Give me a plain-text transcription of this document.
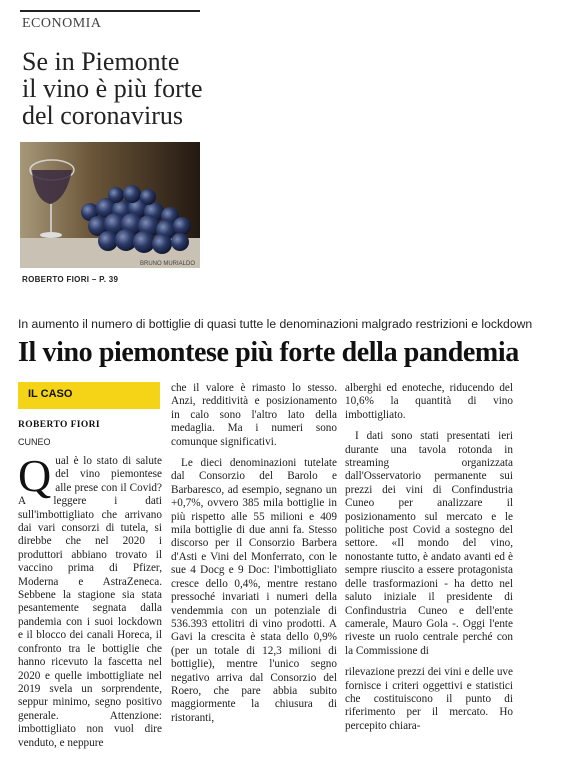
ECONOMIA
Se in Piemonte
il vino è più forte
del coronavirus
BRUNO MURIALDO
ROBERTO FIORI – P. 39
In aumento il numero di bottiglie di quasi tutte le denominazioni malgrado restrizioni e lockdown
Il vino piemontese più forte della pandemia
IL CASO
ROBERTO FIORI
CUNEO

Qual è lo stato di salute del vino piemontese alle prese con il Covid? A leggere i dati sull'imbottigliato che arrivano dai vari consorzi di tutela, si direbbe che nel 2020 i produttori abbiano trovato il vaccino prima di Pfizer, Moderna e AstraZeneca. Sebbene la stagione sia stata pesantemente segnata dalla pandemia con i suoi lockdown e il blocco dei canali Horeca, il confronto tra le bottiglie che hanno ricevuto la fascetta nel 2020 e quelle imbottigliate nel 2019 svela un sorprendente, seppur minimo, segno positivo generale. Attenzione: imbottigliato non vuol dire venduto, e neppure

che il valore è rimasto lo stesso. Anzi, redditività e posizionamento in calo sono l'altro lato della medaglia. Ma i numeri sono comunque significativi.

Le dieci denominazioni tutelate dal Consorzio del Barolo e Barbaresco, ad esempio, segnano un +0,7%, ovvero 385 mila bottiglie in più rispetto alle 55 milioni e 409 mila bottiglie di due anni fa. Stesso discorso per il Consorzio Barbera d'Asti e Vini del Monferrato, con le sue 4 Docg e 9 Doc: l'imbottigliato cresce dello 0,4%, mentre restano pressoché invariati i numeri della vendemmia con un potenziale di 536.393 ettolitri di vino prodotti. A Gavi la crescita è stata dello 0,9% (per un totale di 12,3 milioni di bottiglie), mentre l'unico segno negativo arriva dal Consorzio del Roero, che pare abbia subito maggiormente la chiusura di ristoranti,

alberghi ed enoteche, riducendo del 10,6% la quantità di vino imbottigliato.

I dati sono stati presentati ieri durante una tavola rotonda in streaming organizzata dall'Osservatorio permanente sui prezzi dei vini di Confindustria Cuneo per analizzare il posizionamento sul mercato e le politiche post Covid a sostegno del settore. «Il mondo del vino, nonostante tutto, è andato avanti ed è sempre riuscito a essere protagonista delle trasformazioni - ha detto nel saluto iniziale il presidente di Confindustria Cuneo e dell'ente camerale, Mauro Gola -. Oggi l'ente riveste un ruolo centrale perché con la Commissione di

rilevazione prezzi dei vini e delle uve fornisce i criteri oggettivi e statistici che costituiscono il punto di riferimento per il mercato. Ho percepito chiara-
